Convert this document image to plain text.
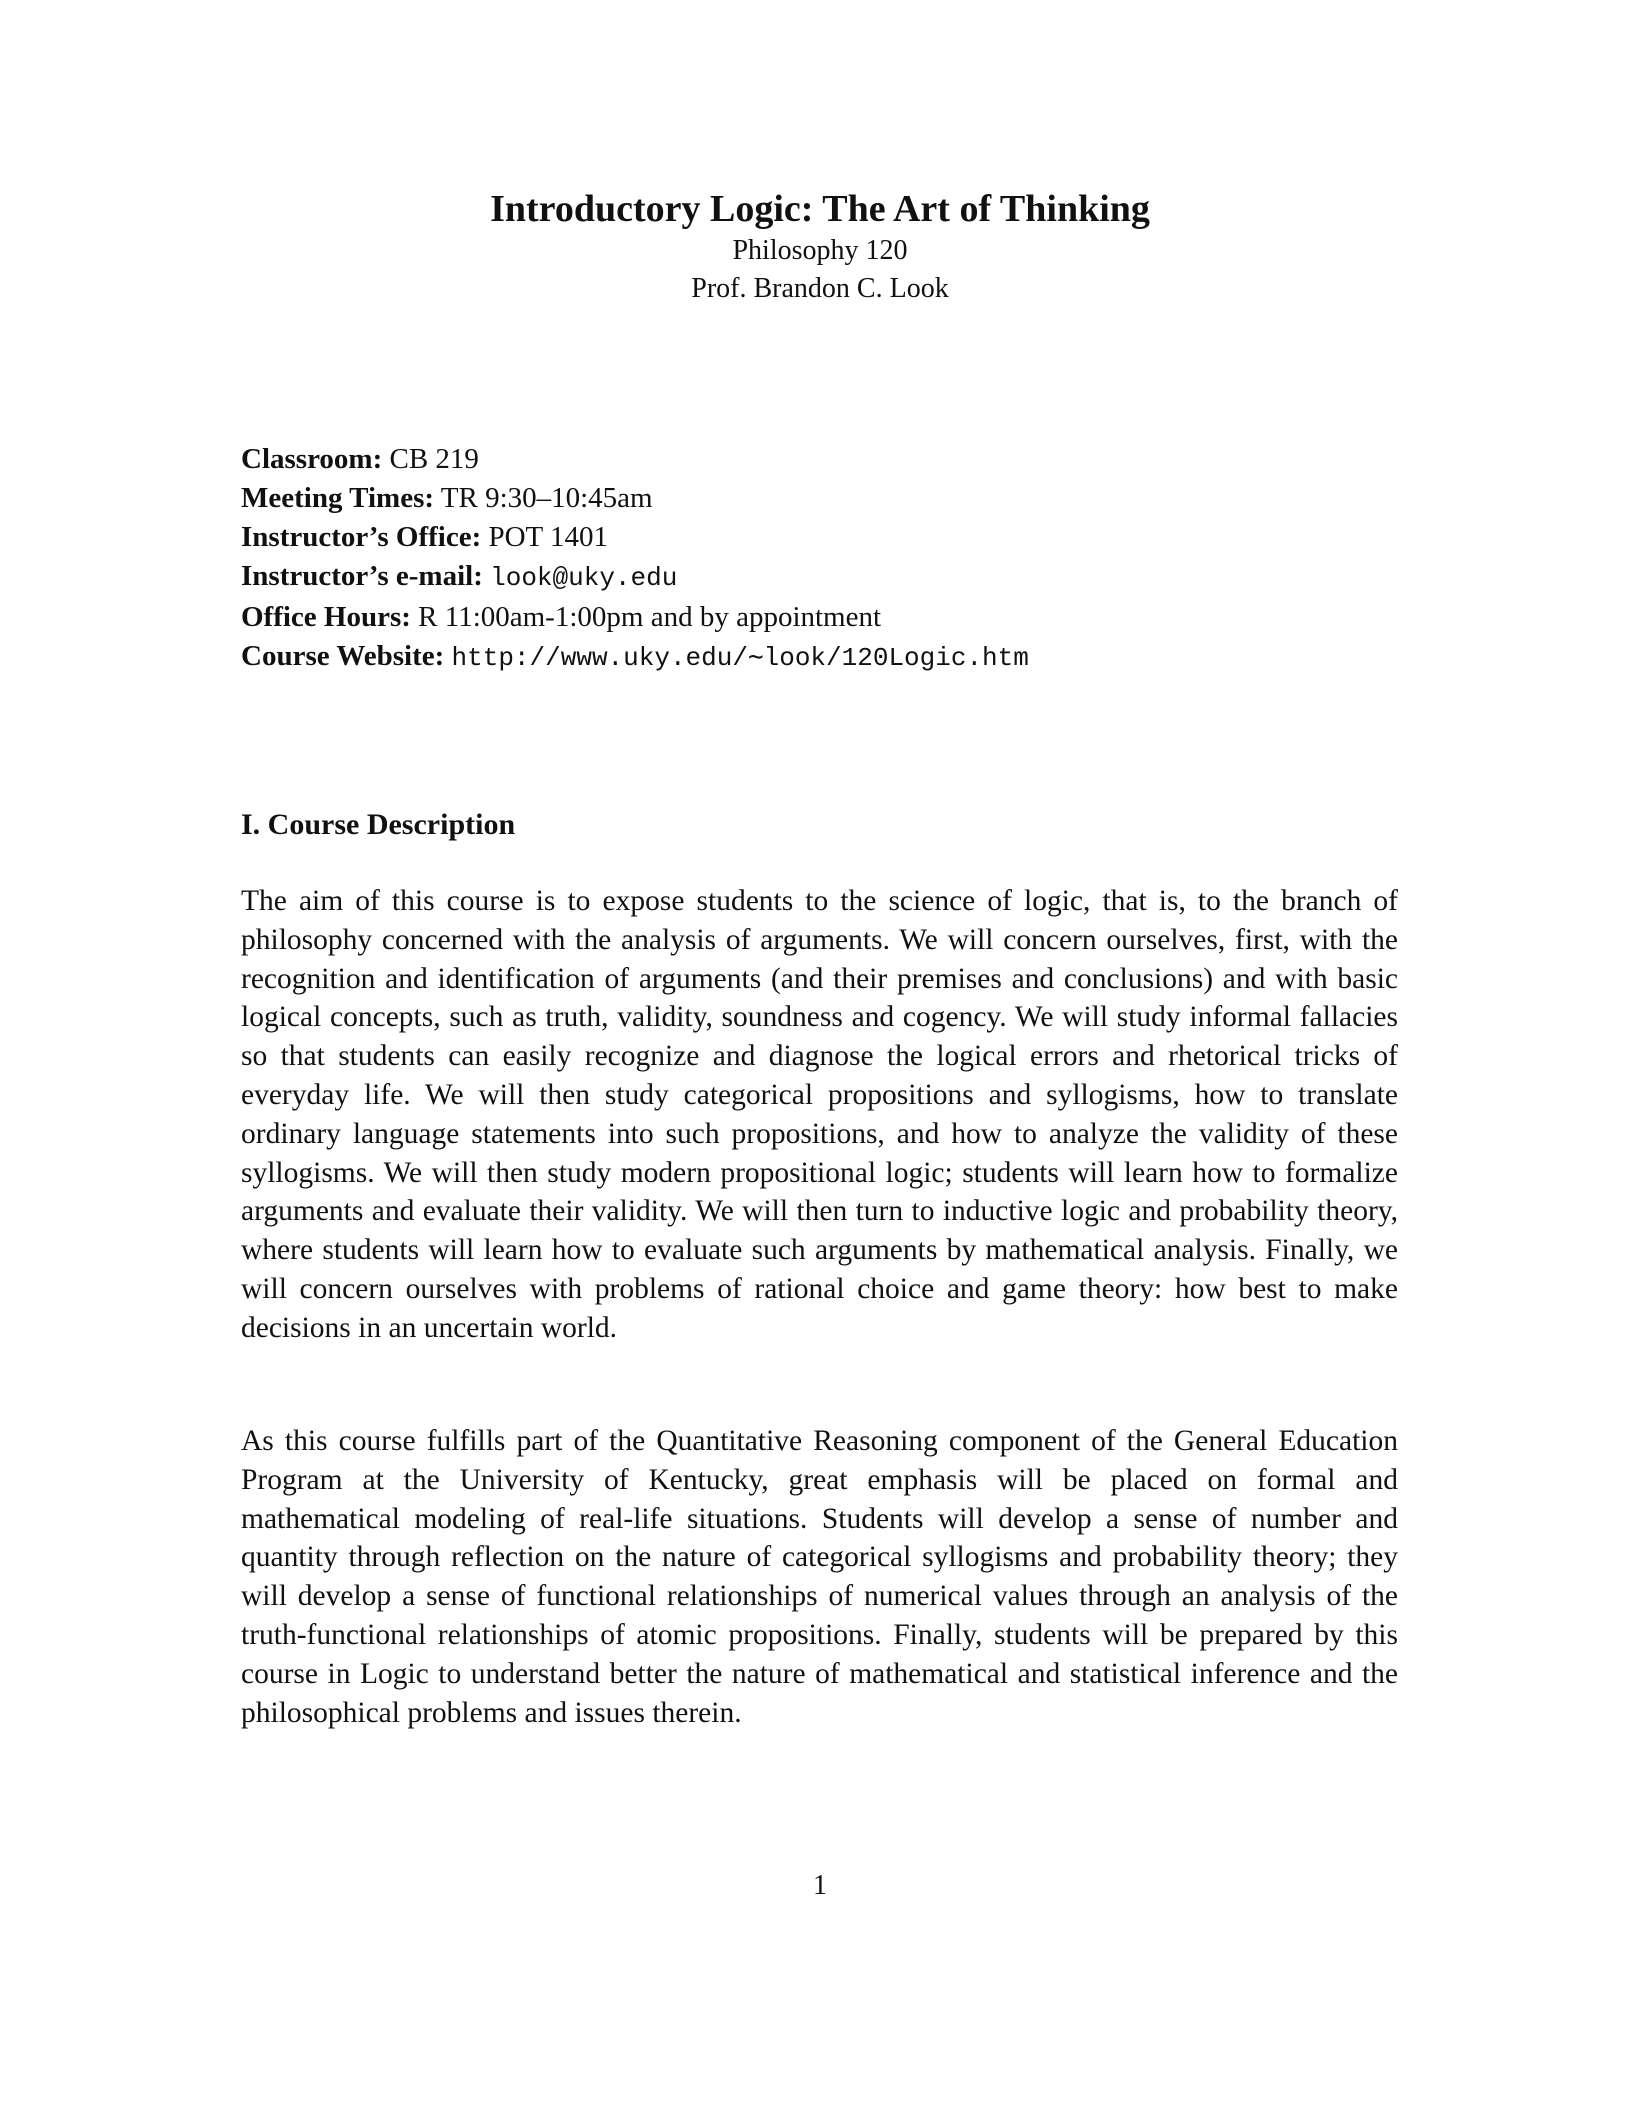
Introductory Logic: The Art of Thinking

Philosophy 120

Prof. Brandon C. Look

Classroom: CB 219
Meeting Times: TR 9:30–10:45am
Instructor’s Office: POT 1401
Instructor’s e-mail: look@uky.edu
Office Hours: R 11:00am-1:00pm and by appointment
Course Website: http://www.uky.edu/∼look/120Logic.htm
I. Course Description

The aim of this course is to expose students to the science of logic, that is, to the branch of philosophy concerned with the analysis of arguments. We will concern ourselves, first, with the recognition and identification of arguments (and their premises and conclusions) and with basic logical concepts, such as truth, validity, soundness and cogency. We will study informal fallacies so that students can easily recognize and diagnose the logical errors and rhetorical tricks of everyday life. We will then study categorical propositions and syllogisms, how to translate ordinary language statements into such propositions, and how to analyze the validity of these syllogisms. We will then study modern propositional logic; students will learn how to formalize arguments and evaluate their validity. We will then turn to inductive logic and probability theory, where students will learn how to evaluate such arguments by mathematical analysis. Finally, we will concern ourselves with problems of rational choice and game theory: how best to make decisions in an uncertain world.

As this course fulfills part of the Quantitative Reasoning component of the General Education Program at the University of Kentucky, great emphasis will be placed on formal and mathematical modeling of real-life situations. Students will develop a sense of number and quantity through reflection on the nature of categorical syllogisms and probability theory; they will develop a sense of functional relationships of numerical values through an analysis of the truth-functional relationships of atomic propositions. Finally, students will be prepared by this course in Logic to understand better the nature of mathematical and statistical inference and the philosophical problems and issues therein.

1
